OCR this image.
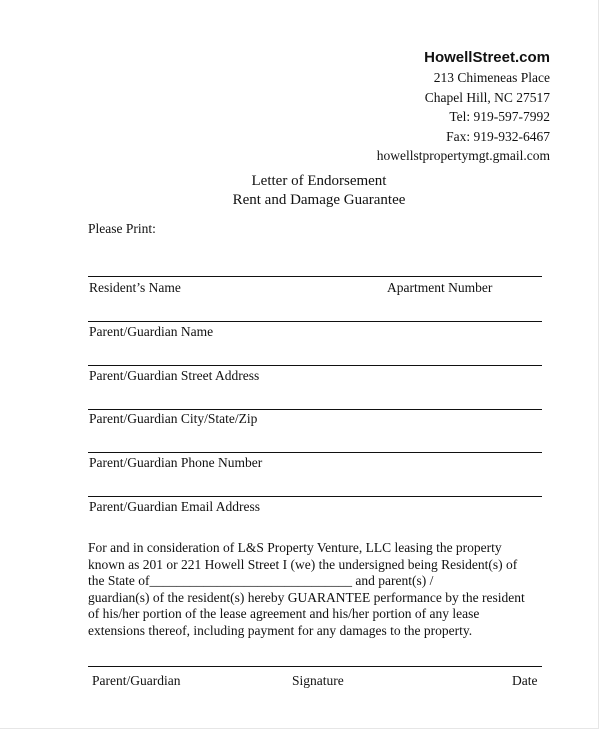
HowellStreet.com
213 Chimeneas Place
Chapel Hill, NC 27517
Tel: 919-597-7992
Fax: 919-932-6467
howellstpropertymgt.gmail.com
Letter of Endorsement
Rent and Damage Guarantee
Please Print:
Resident’s Name	Apartment Number
Parent/Guardian Name
Parent/Guardian Street Address
Parent/Guardian City/State/Zip
Parent/Guardian Phone Number
Parent/Guardian Email Address
For and in consideration of L&S Property Venture, LLC leasing the property
known as 201 or 221 Howell Street I (we) the undersigned being Resident(s) of
the State of______________________________ and parent(s) /
guardian(s) of the resident(s) hereby GUARANTEE performance by the resident
of his/her portion of the lease agreement and his/her portion of any lease
extensions thereof, including payment for any damages to the property.
Parent/Guardian	Signature	Date
